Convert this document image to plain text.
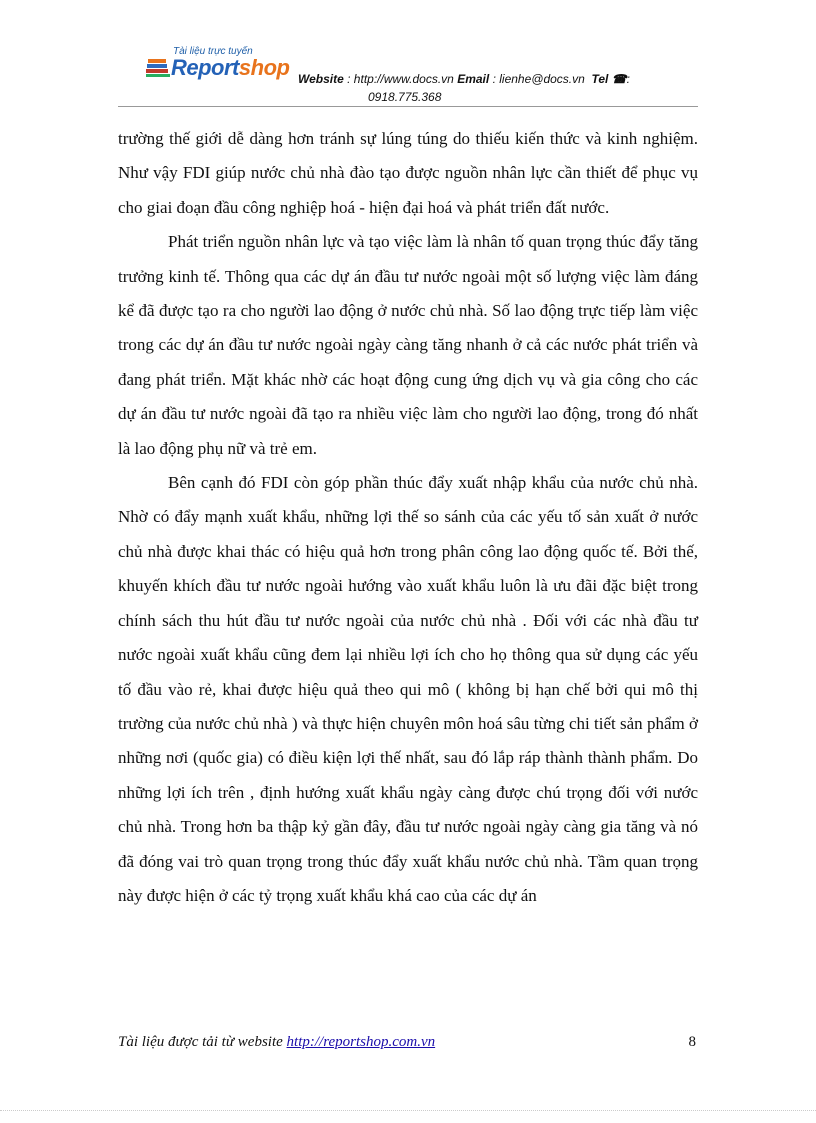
Tài liệu trực tuyến
Reportshop Website : http://www.docs.vn Email : lienhe@docs.vn Tel ☎:
0918.775.368

trường thế giới dễ dàng hơn tránh sự lúng túng do thiếu kiến thức và kinh nghiệm. Như vậy FDI giúp nước chủ nhà đào tạo được nguồn nhân lực cần thiết để phục vụ cho giai đoạn đầu công nghiệp hoá - hiện đại hoá và phát triển đất nước.

Phát triển nguồn nhân lực và tạo việc làm là nhân tố quan trọng thúc đẩy tăng trưởng kinh tế. Thông qua các dự án đầu tư nước ngoài một số lượng việc làm đáng kể đã được tạo ra cho người lao động ở nước chủ nhà. Số lao động trực tiếp làm việc trong các dự án đầu tư nước ngoài ngày càng tăng nhanh ở cả các nước phát triển và đang phát triển. Mặt khác nhờ các hoạt động cung ứng dịch vụ và gia công cho các dự án đầu tư nước ngoài đã tạo ra nhiều việc làm cho người lao động, trong đó nhất là lao động phụ nữ và trẻ em.

Bên cạnh đó FDI còn góp phần thúc đẩy xuất nhập khẩu của nước chủ nhà. Nhờ có đẩy mạnh xuất khẩu, những lợi thế so sánh của các yếu tố sản xuất ở nước chủ nhà được khai thác có hiệu quả hơn trong phân công lao động quốc tế. Bởi thế, khuyến khích đầu tư nước ngoài hướng vào xuất khẩu luôn là ưu đãi đặc biệt trong chính sách thu hút đầu tư nước ngoài của nước chủ nhà . Đối với các nhà đầu tư nước ngoài xuất khẩu cũng đem lại nhiều lợi ích cho họ thông qua sử dụng các yếu tố đầu vào rẻ, khai được hiệu quả theo qui mô ( không bị hạn chế bởi qui mô thị trường của nước chủ nhà ) và thực hiện chuyên môn hoá sâu từng chi tiết sản phẩm ở những nơi (quốc gia) có điều kiện lợi thế nhất, sau đó lắp ráp thành thành phẩm. Do những lợi ích trên , định hướng xuất khẩu ngày càng được chú trọng đối với nước chủ nhà. Trong hơn ba thập kỷ gần đây, đầu tư nước ngoài ngày càng gia tăng và nó đã đóng vai trò quan trọng trong thúc đẩy xuất khẩu nước chủ nhà. Tầm quan trọng này được hiện ở các tỷ trọng xuất khẩu khá cao của các dự án

Tài liệu được tải từ website http://reportshop.com.vn	8
